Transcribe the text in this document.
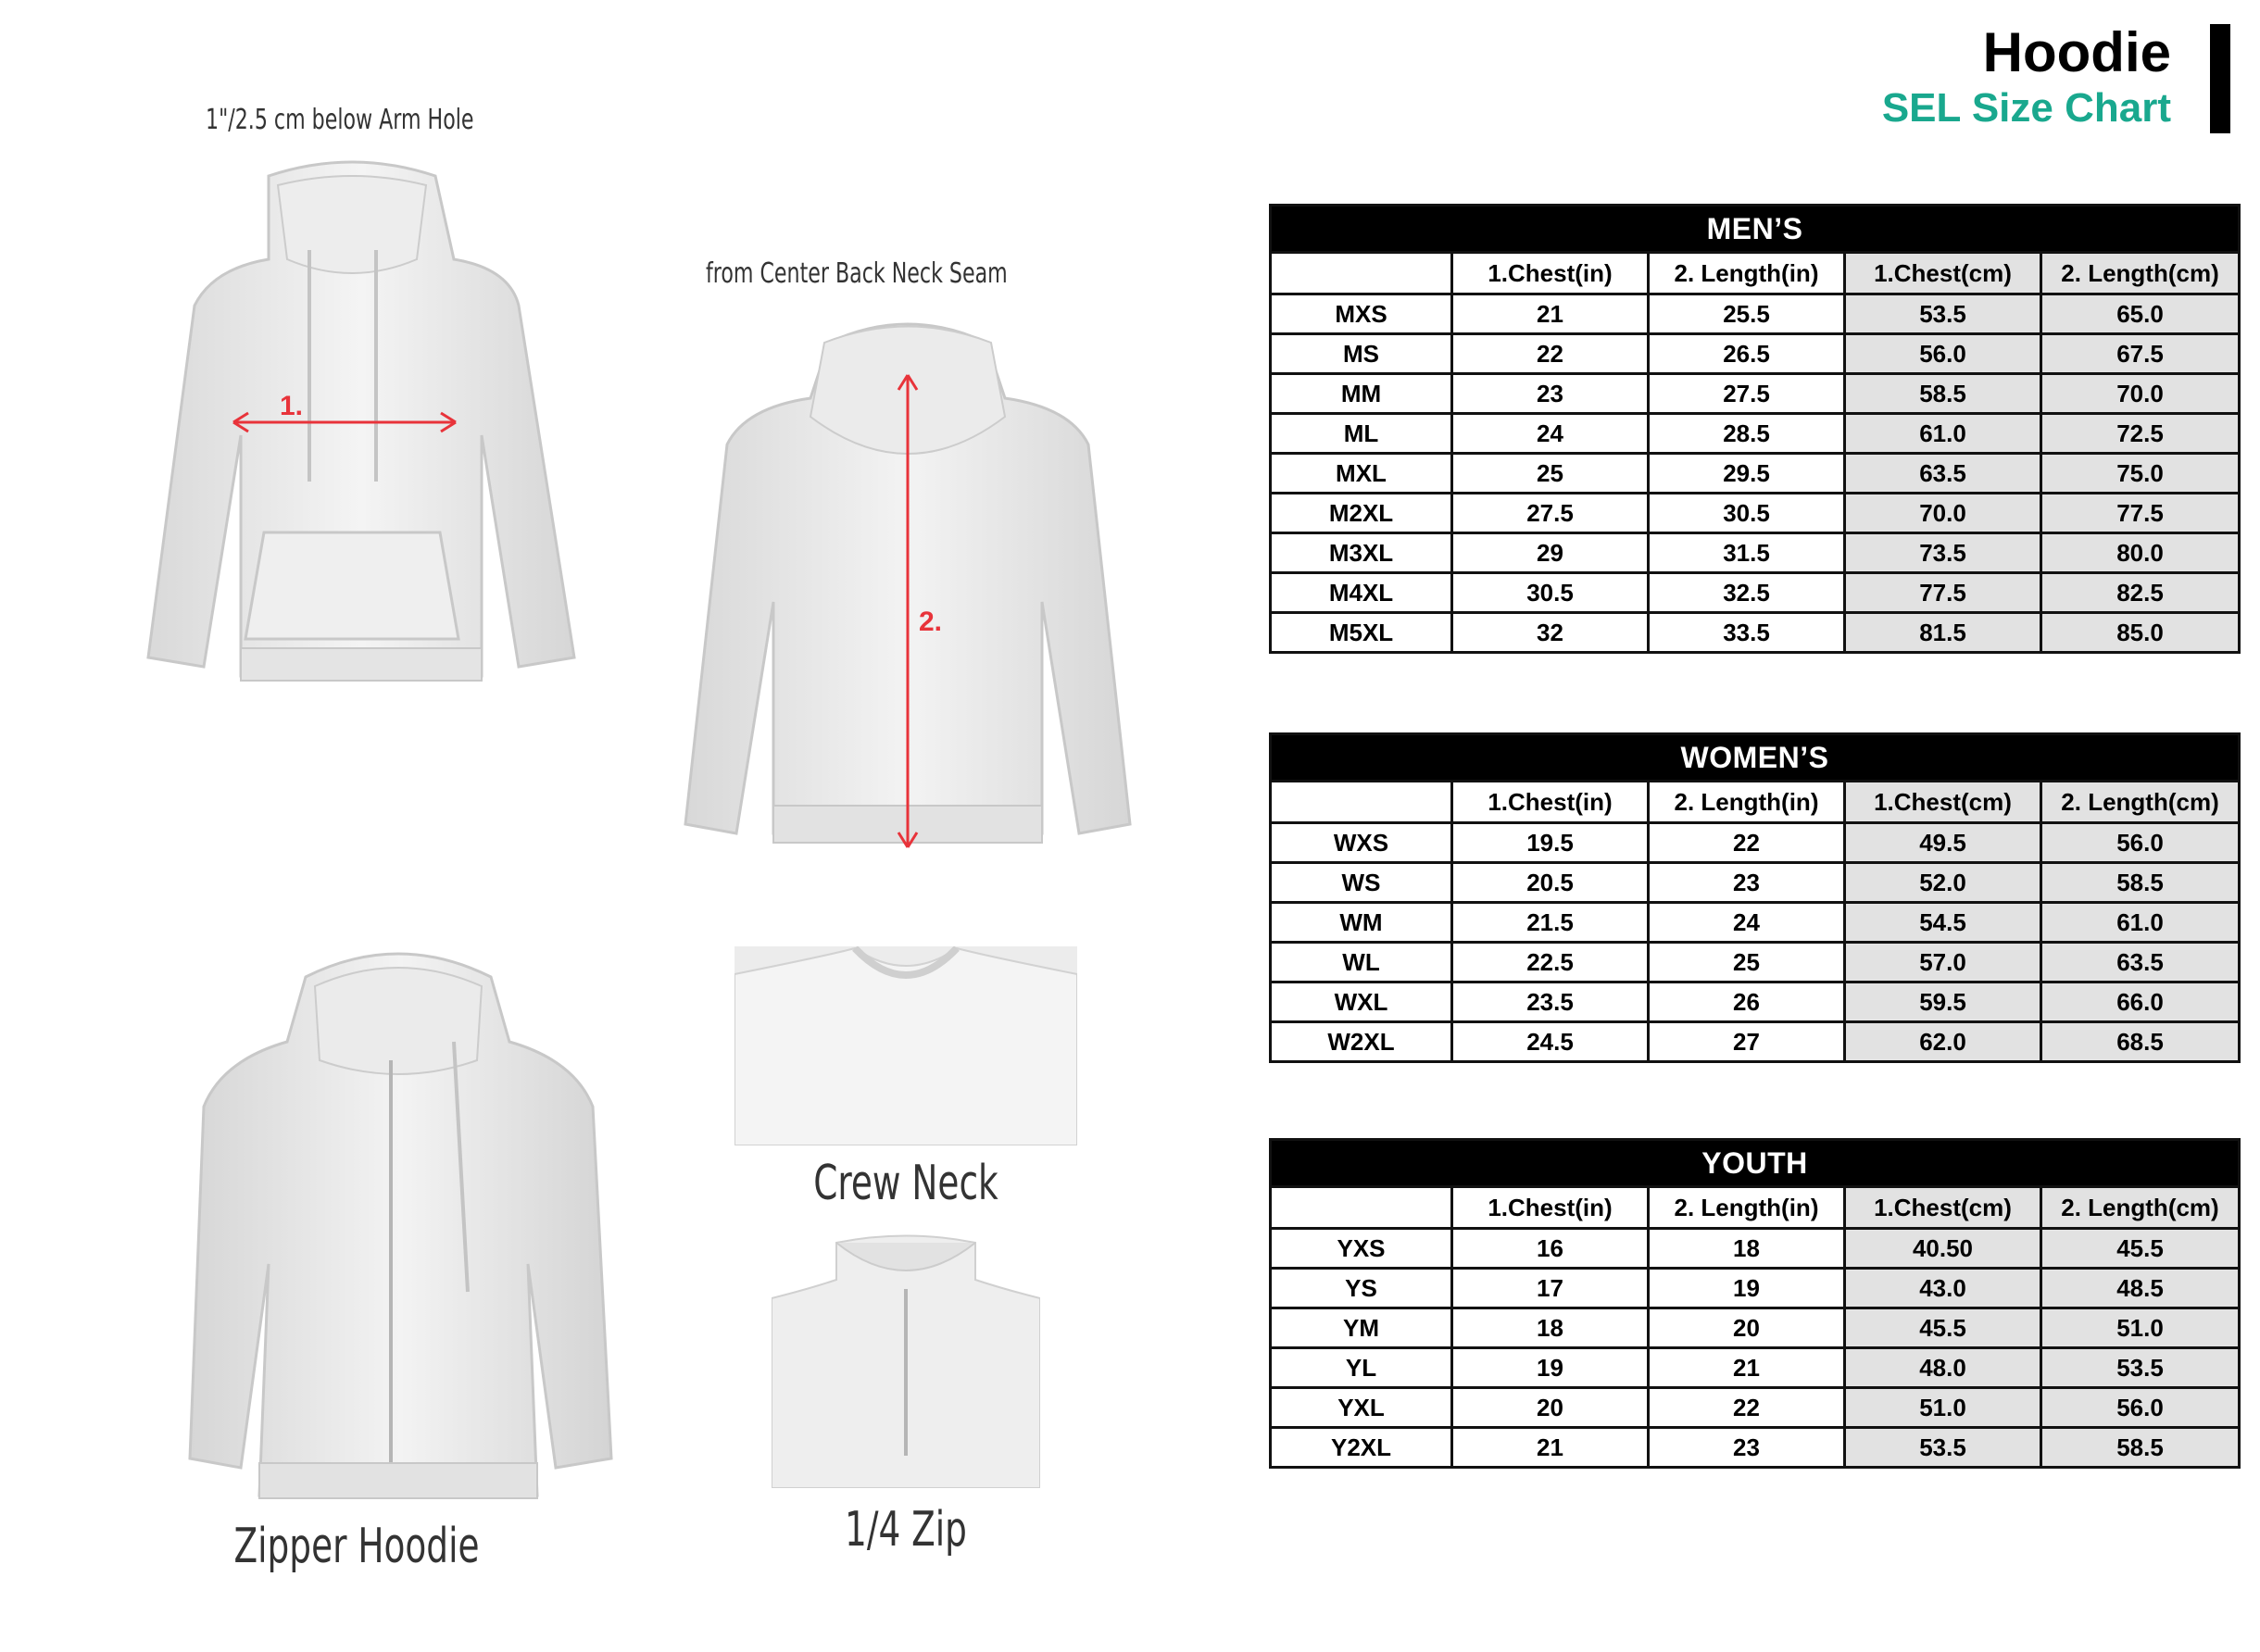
Hoodie
SEL Size Chart
1"/2.5 cm below Arm Hole
from Center Back Neck Seam
1.
2.
Zipper Hoodie
Crew Neck
1/4 Zip
MEN’S				
	1.Chest(in)	2. Length(in)	1.Chest(cm)	2. Length(cm)
MXS	21	25.5	53.5	65.0
MS	22	26.5	56.0	67.5
MM	23	27.5	58.5	70.0
ML	24	28.5	61.0	72.5
MXL	25	29.5	63.5	75.0
M2XL	27.5	30.5	70.0	77.5
M3XL	29	31.5	73.5	80.0
M4XL	30.5	32.5	77.5	82.5
M5XL	32	33.5	81.5	85.0
WOMEN’S				
	1.Chest(in)	2. Length(in)	1.Chest(cm)	2. Length(cm)
WXS	19.5	22	49.5	56.0
WS	20.5	23	52.0	58.5
WM	21.5	24	54.5	61.0
WL	22.5	25	57.0	63.5
WXL	23.5	26	59.5	66.0
W2XL	24.5	27	62.0	68.5
YOUTH				
	1.Chest(in)	2. Length(in)	1.Chest(cm)	2. Length(cm)
YXS	16	18	40.50	45.5
YS	17	19	43.0	48.5
YM	18	20	45.5	51.0
YL	19	21	48.0	53.5
YXL	20	22	51.0	56.0
Y2XL	21	23	53.5	58.5
